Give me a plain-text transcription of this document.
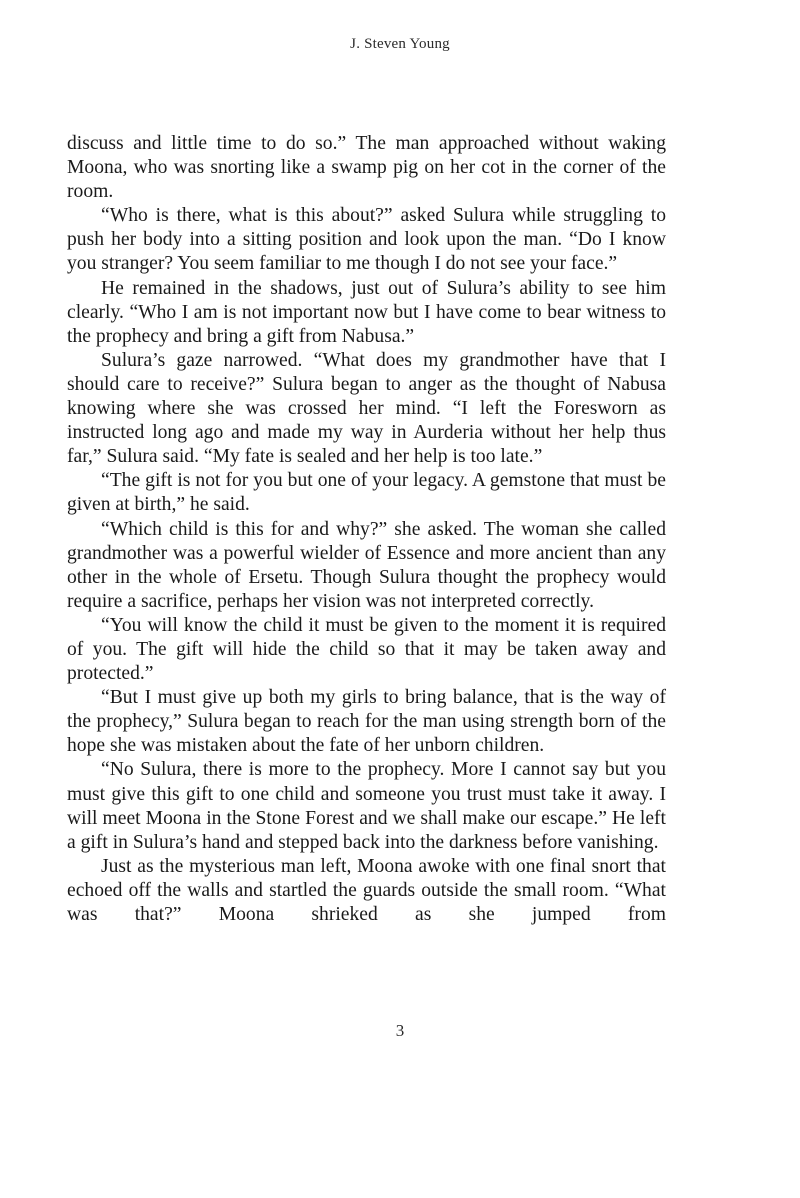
J. Steven Young

discuss and little time to do so.” The man approached without waking Moona, who was snorting like a swamp pig on her cot in the corner of the room.

“Who is there, what is this about?” asked Sulura while struggling to push her body into a sitting position and look upon the man. “Do I know you stranger? You seem familiar to me though I do not see your face.”

He remained in the shadows, just out of Sulura’s ability to see him clearly. “Who I am is not important now but I have come to bear witness to the prophecy and bring a gift from Nabusa.”

Sulura’s gaze narrowed. “What does my grandmother have that I should care to receive?” Sulura began to anger as the thought of Nabusa knowing where she was crossed her mind. “I left the Foresworn as instructed long ago and made my way in Aurderia without her help thus far,” Sulura said. “My fate is sealed and her help is too late.”

“The gift is not for you but one of your legacy. A gemstone that must be given at birth,” he said.

“Which child is this for and why?” she asked. The woman she called grandmother was a powerful wielder of Essence and more ancient than any other in the whole of Ersetu. Though Sulura thought the prophecy would require a sacrifice, perhaps her vision was not interpreted correctly.

“You will know the child it must be given to the moment it is required of you. The gift will hide the child so that it may be taken away and protected.”

“But I must give up both my girls to bring balance, that is the way of the prophecy,” Sulura began to reach for the man using strength born of the hope she was mistaken about the fate of her unborn children.

“No Sulura, there is more to the prophecy. More I cannot say but you must give this gift to one child and someone you trust must take it away. I will meet Moona in the Stone Forest and we shall make our escape.” He left a gift in Sulura’s hand and stepped back into the darkness before vanishing.

Just as the mysterious man left, Moona awoke with one final snort that echoed off the walls and startled the guards outside the small room. “What was that?” Moona shrieked as she jumped from

3
